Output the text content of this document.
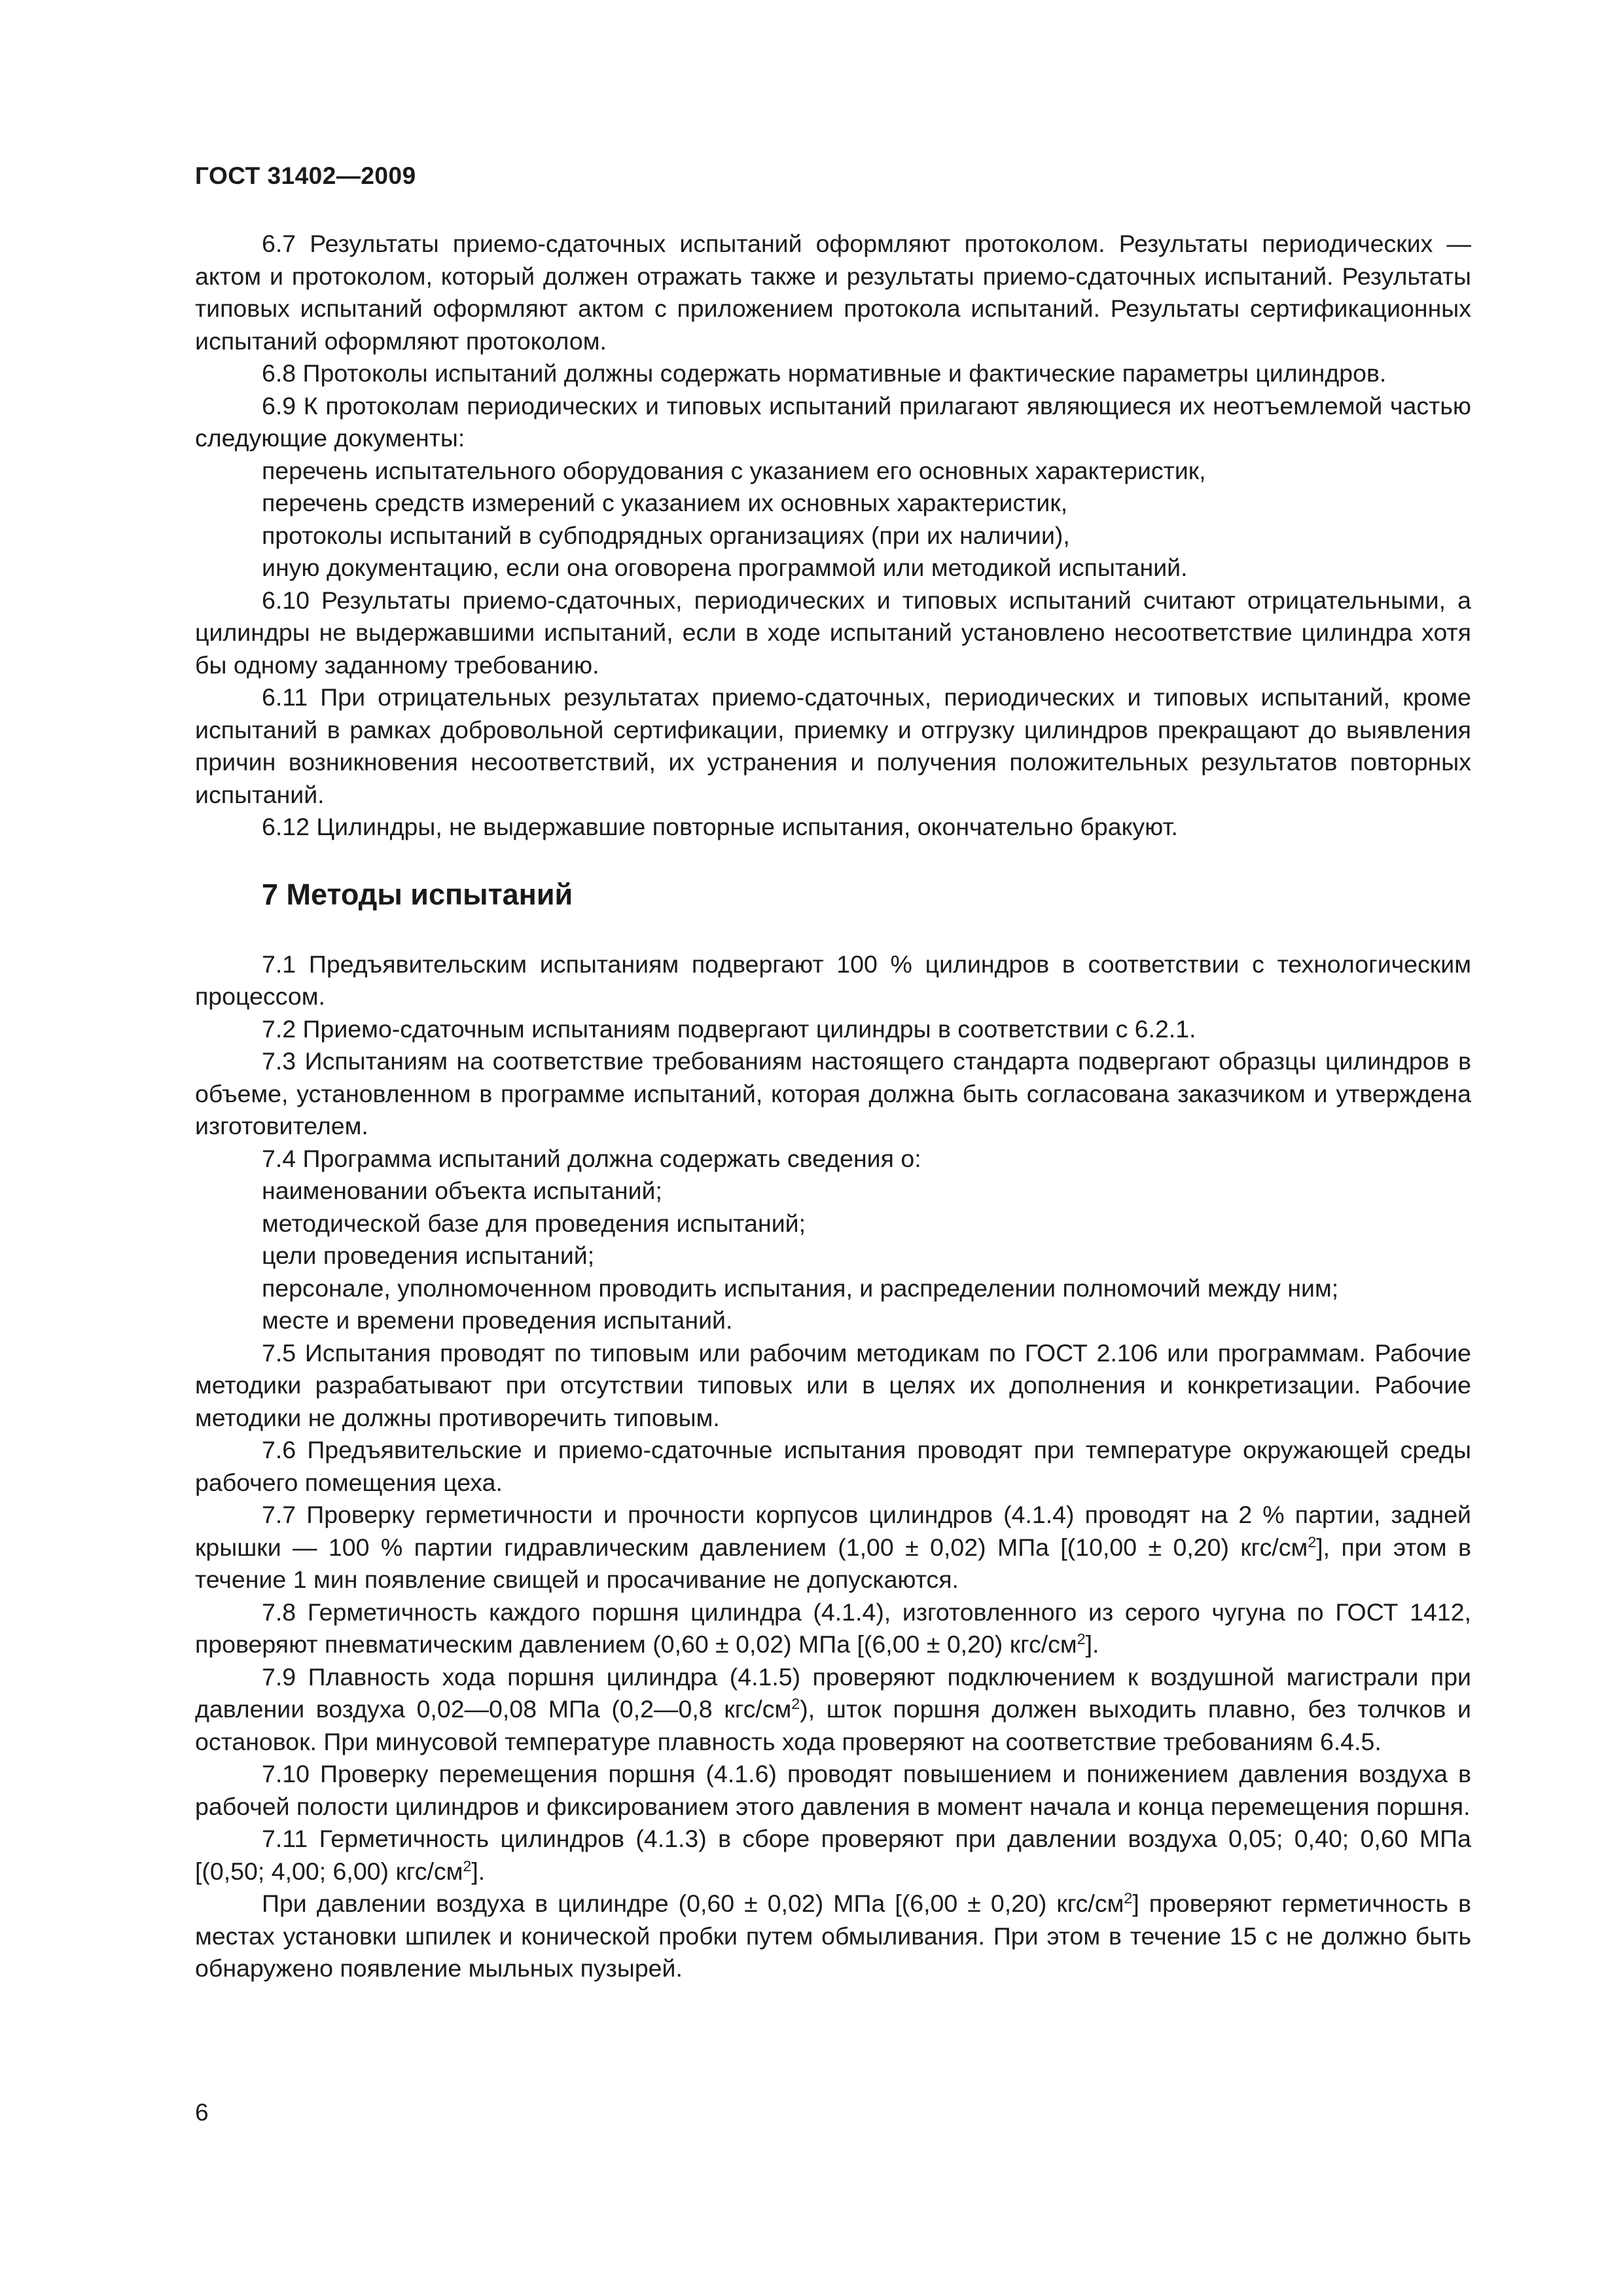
ГОСТ 31402—2009

6.7 Результаты приемо-сдаточных испытаний оформляют протоколом. Результаты периодических — актом и протоколом, который должен отражать также и результаты приемо-сдаточных испытаний. Результаты типовых испытаний оформляют актом с приложением протокола испытаний. Результаты сертификационных испытаний оформляют протоколом.

6.8 Протоколы испытаний должны содержать нормативные и фактические параметры цилиндров.

6.9 К протоколам периодических и типовых испытаний прилагают являющиеся их неотъемлемой частью следующие документы:

перечень испытательного оборудования с указанием его основных характеристик,

перечень средств измерений с указанием их основных характеристик,

протоколы испытаний в субподрядных организациях (при их наличии),

иную документацию, если она оговорена программой или методикой испытаний.

6.10 Результаты приемо-сдаточных, периодических и типовых испытаний считают отрицательными, а цилиндры не выдержавшими испытаний, если в ходе испытаний установлено несоответствие цилиндра хотя бы одному заданному требованию.

6.11 При отрицательных результатах приемо-сдаточных, периодических и типовых испытаний, кроме испытаний в рамках добровольной сертификации, приемку и отгрузку цилиндров прекращают до выявления причин возникновения несоответствий, их устранения и получения положительных результатов повторных испытаний.

6.12 Цилиндры, не выдержавшие повторные испытания, окончательно бракуют.

7 Методы испытаний

7.1 Предъявительским испытаниям подвергают 100 % цилиндров в соответствии с технологическим процессом.

7.2 Приемо-сдаточным испытаниям подвергают цилиндры в соответствии с 6.2.1.

7.3 Испытаниям на соответствие требованиям настоящего стандарта подвергают образцы цилиндров в объеме, установленном в программе испытаний, которая должна быть согласована заказчиком и утверждена изготовителем.

7.4 Программа испытаний должна содержать сведения о:

наименовании объекта испытаний;

методической базе для проведения испытаний;

цели проведения испытаний;

персонале, уполномоченном проводить испытания, и распределении полномочий между ним;

месте и времени проведения испытаний.

7.5 Испытания проводят по типовым или рабочим методикам по ГОСТ 2.106 или программам. Рабочие методики разрабатывают при отсутствии типовых или в целях их дополнения и конкретизации. Рабочие методики не должны противоречить типовым.

7.6 Предъявительские и приемо-сдаточные испытания проводят при температуре окружающей среды рабочего помещения цеха.

7.7 Проверку герметичности и прочности корпусов цилиндров (4.1.4) проводят на 2 % партии, задней крышки — 100 % партии гидравлическим давлением (1,00 ± 0,02) МПа [(10,00 ± 0,20) кгс/$см^2$], при этом в течение 1 мин появление свищей и просачивание не допускаются.

7.8 Герметичность каждого поршня цилиндра (4.1.4), изготовленного из серого чугуна по ГОСТ 1412, проверяют пневматическим давлением (0,60 ± 0,02) МПа [(6,00 ± 0,20) кгс/$см^2$].

7.9 Плавность хода поршня цилиндра (4.1.5) проверяют подключением к воздушной магистрали при давлении воздуха 0,02—0,08 МПа (0,2—0,8 кгс/$см^2$), шток поршня должен выходить плавно, без толчков и остановок. При минусовой температуре плавность хода проверяют на соответствие требованиям 6.4.5.

7.10 Проверку перемещения поршня (4.1.6) проводят повышением и понижением давления воздуха в рабочей полости цилиндров и фиксированием этого давления в момент начала и конца перемещения поршня.

7.11 Герметичность цилиндров (4.1.3) в сборе проверяют при давлении воздуха 0,05; 0,40; 0,60 МПа [(0,50; 4,00; 6,00) кгс/$см^2$].

При давлении воздуха в цилиндре (0,60 ± 0,02) МПа [(6,00 ± 0,20) кгс/$см^2$] проверяют герметичность в местах установки шпилек и конической пробки путем обмыливания. При этом в течение 15 с не должно быть обнаружено появление мыльных пузырей.

6
